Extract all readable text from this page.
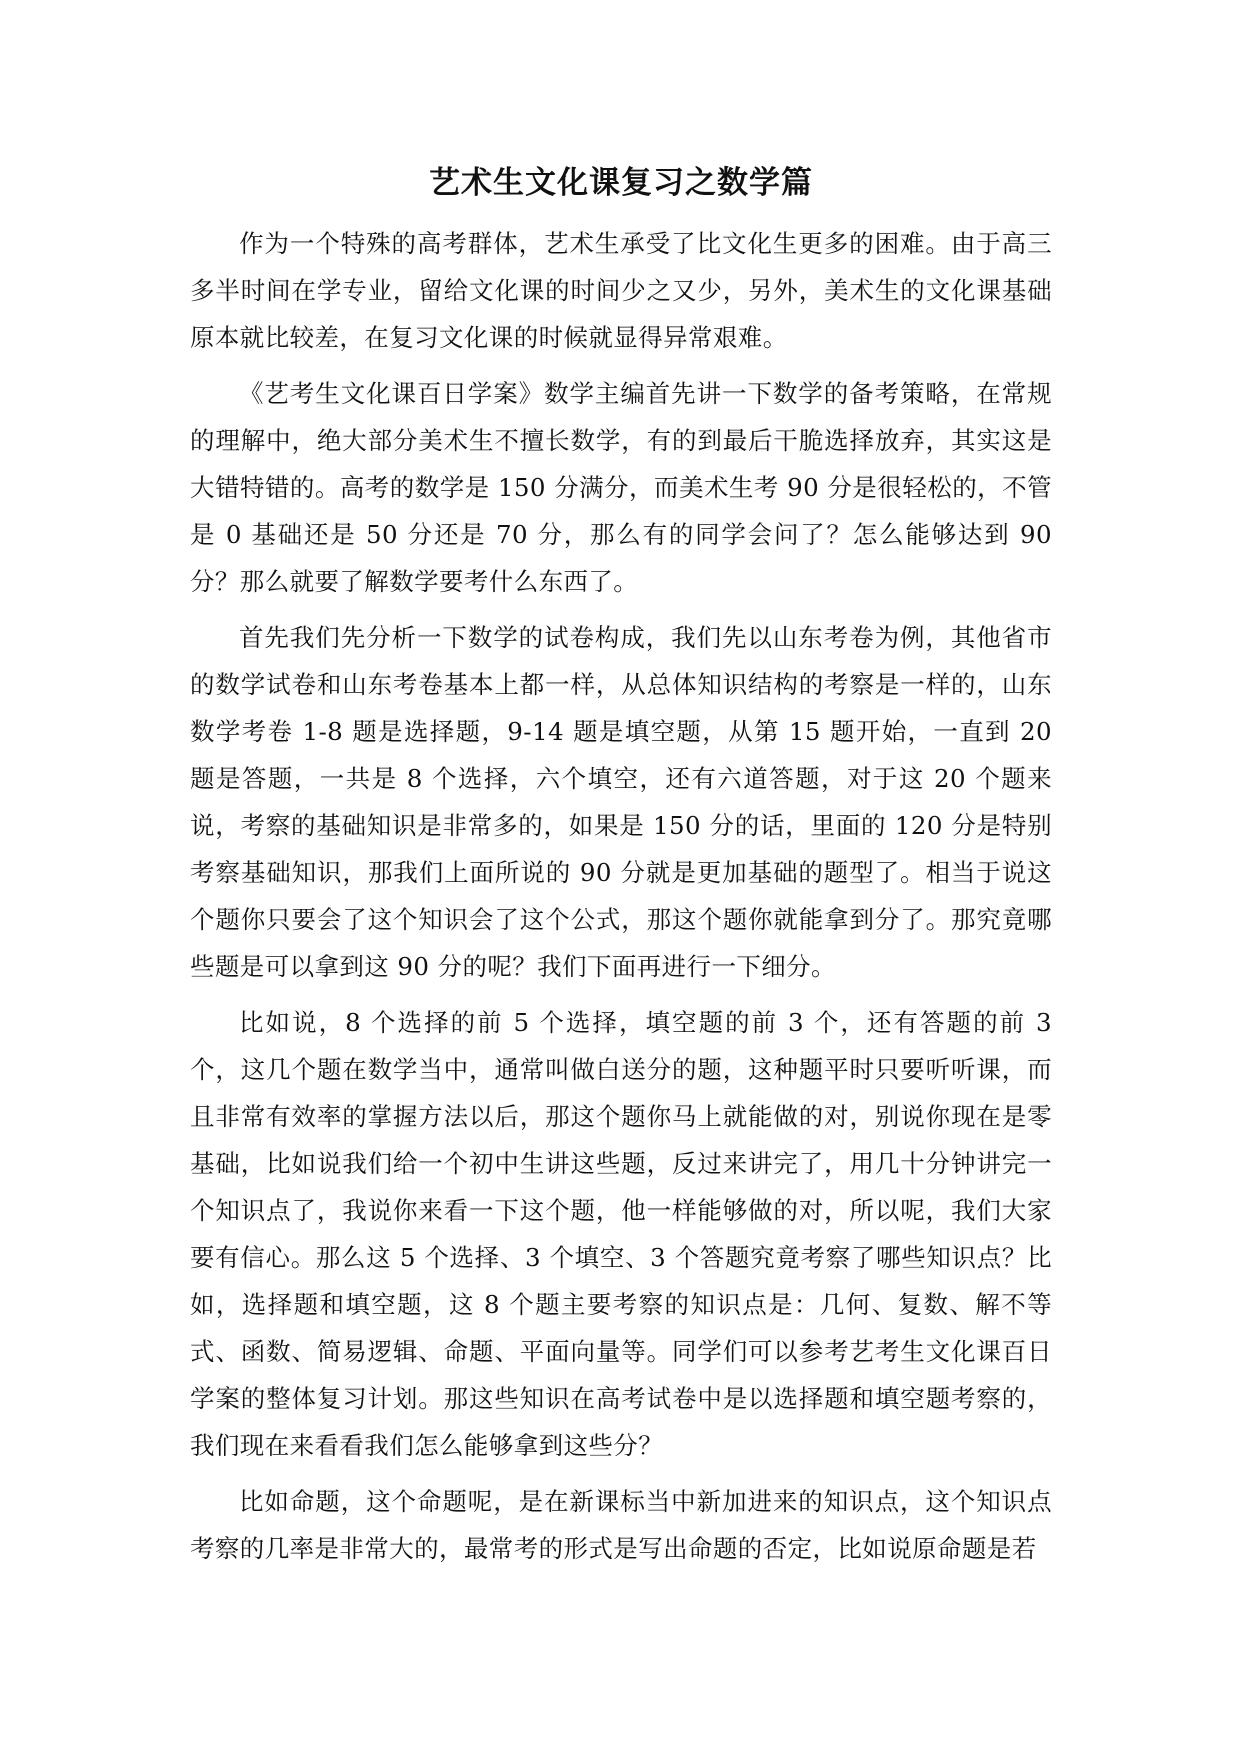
艺术生文化课复习之数学篇

作为一个特殊的高考群体，艺术生承受了比文化生更多的困难。由于高三多半时间在学专业，留给文化课的时间少之又少，另外，美术生的文化课基础原本就比较差，在复习文化课的时候就显得异常艰难。

《艺考生文化课百日学案》数学主编首先讲一下数学的备考策略，在常规的理解中，绝大部分美术生不擅长数学，有的到最后干脆选择放弃，其实这是大错特错的。高考的数学是 150 分满分，而美术生考 90 分是很轻松的，不管是 0 基础还是 50 分还是 70 分，那么有的同学会问了？怎么能够达到 90 分？那么就要了解数学要考什么东西了。

首先我们先分析一下数学的试卷构成，我们先以山东考卷为例，其他省市的数学试卷和山东考卷基本上都一样，从总体知识结构的考察是一样的，山东数学考卷 1-8 题是选择题，9-14 题是填空题，从第 15 题开始，一直到 20 题是答题，一共是 8 个选择，六个填空，还有六道答题，对于这 20 个题来说，考察的基础知识是非常多的，如果是 150 分的话，里面的 120 分是特别考察基础知识，那我们上面所说的 90 分就是更加基础的题型了。相当于说这个题你只要会了这个知识会了这个公式，那这个题你就能拿到分了。那究竟哪些题是可以拿到这 90 分的呢？我们下面再进行一下细分。

比如说，8 个选择的前 5 个选择，填空题的前 3 个，还有答题的前 3 个，这几个题在数学当中，通常叫做白送分的题，这种题平时只要听听课，而且非常有效率的掌握方法以后，那这个题你马上就能做的对，别说你现在是零基础，比如说我们给一个初中生讲这些题，反过来讲完了，用几十分钟讲完一个知识点了，我说你来看一下这个题，他一样能够做的对，所以呢，我们大家要有信心。那么这 5 个选择、3 个填空、3 个答题究竟考察了哪些知识点？比如，选择题和填空题，这 8 个题主要考察的知识点是：几何、复数、解不等式、函数、简易逻辑、命题、平面向量等。同学们可以参考艺考生文化课百日学案的整体复习计划。那这些知识在高考试卷中是以选择题和填空题考察的，我们现在来看看我们怎么能够拿到这些分？

比如命题，这个命题呢，是在新课标当中新加进来的知识点，这个知识点考察的几率是非常大的，最常考的形式是写出命题的否定，比如说原命题是若
